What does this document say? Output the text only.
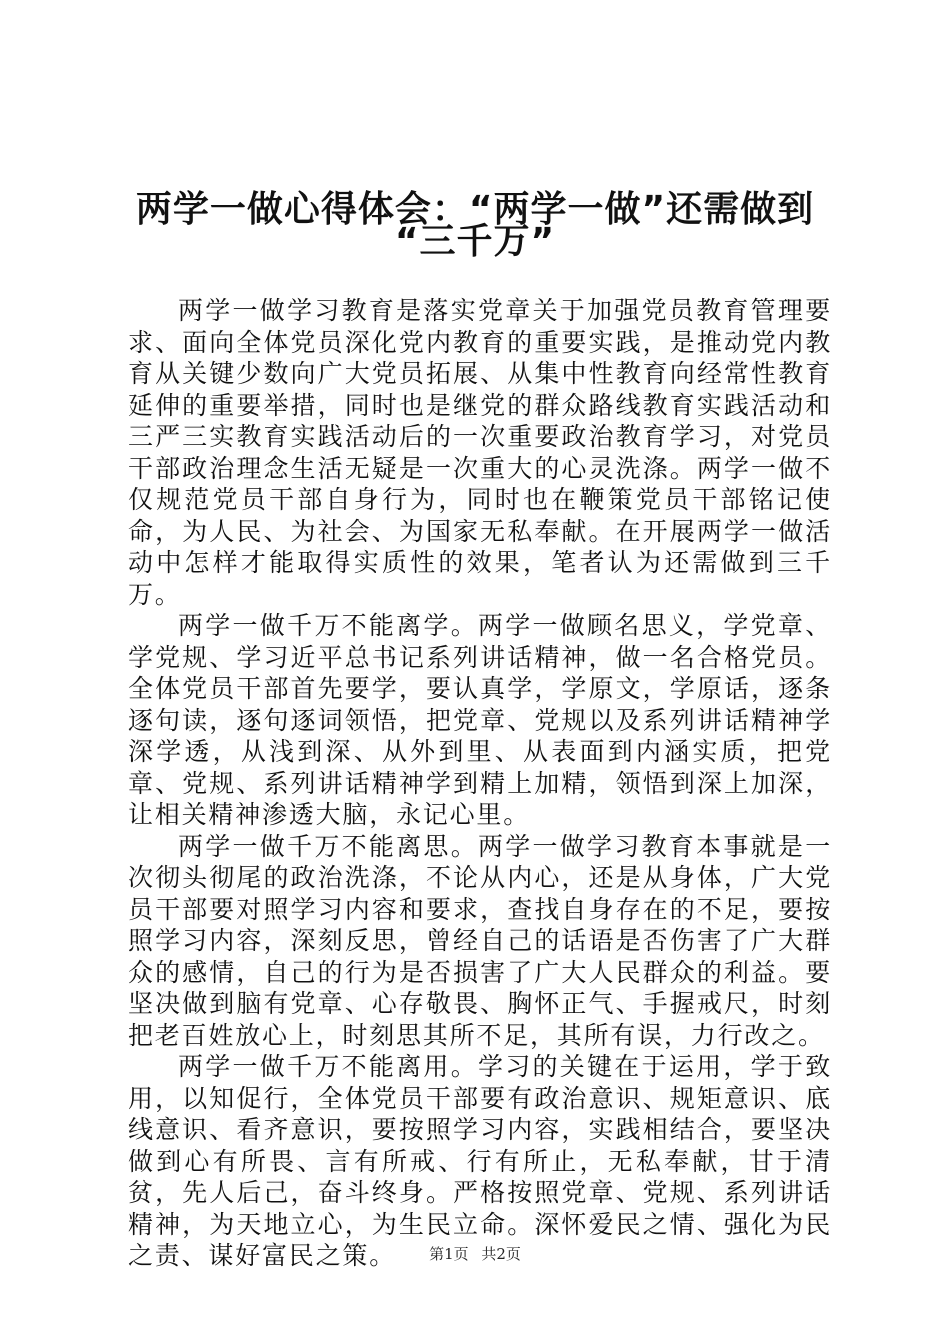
两学一做心得体会：“两学一做”还需做到
“三千万”

两学一做学习教育是落实党章关于加强党员教育管理要求、面向全体党员深化党内教育的重要实践，是推动党内教育从关键少数向广大党员拓展、从集中性教育向经常性教育延伸的重要举措，同时也是继党的群众路线教育实践活动和三严三实教育实践活动后的一次重要政治教育学习，对党员干部政治理念生活无疑是一次重大的心灵洗涤。两学一做不仅规范党员干部自身行为，同时也在鞭策党员干部铭记使命，为人民、为社会、为国家无私奉献。在开展两学一做活动中怎样才能取得实质性的效果，笔者认为还需做到三千万。

两学一做千万不能离学。两学一做顾名思义，学党章、学党规、学习近平总书记系列讲话精神，做一名合格党员。全体党员干部首先要学，要认真学，学原文，学原话，逐条逐句读，逐句逐词领悟，把党章、党规以及系列讲话精神学深学透，从浅到深、从外到里、从表面到内涵实质，把党章、党规、系列讲话精神学到精上加精，领悟到深上加深，让相关精神渗透大脑，永记心里。

两学一做千万不能离思。两学一做学习教育本事就是一次彻头彻尾的政治洗涤，不论从内心，还是从身体，广大党员干部要对照学习内容和要求，查找自身存在的不足，要按照学习内容，深刻反思，曾经自己的话语是否伤害了广大群众的感情，自己的行为是否损害了广大人民群众的利益。要坚决做到脑有党章、心存敬畏、胸怀正气、手握戒尺，时刻把老百姓放心上，时刻思其所不足，其所有误，力行改之。

两学一做千万不能离用。学习的关键在于运用，学于致用，以知促行，全体党员干部要有政治意识、规矩意识、底线意识、看齐意识，要按照学习内容，实践相结合，要坚决做到心有所畏、言有所戒、行有所止，无私奉献，甘于清贫，先人后己，奋斗终身。严格按照党章、党规、系列讲话精神，为天地立心，为生民立命。深怀爱民之情、强化为民之责、谋好富民之策。	第1页 共2页
